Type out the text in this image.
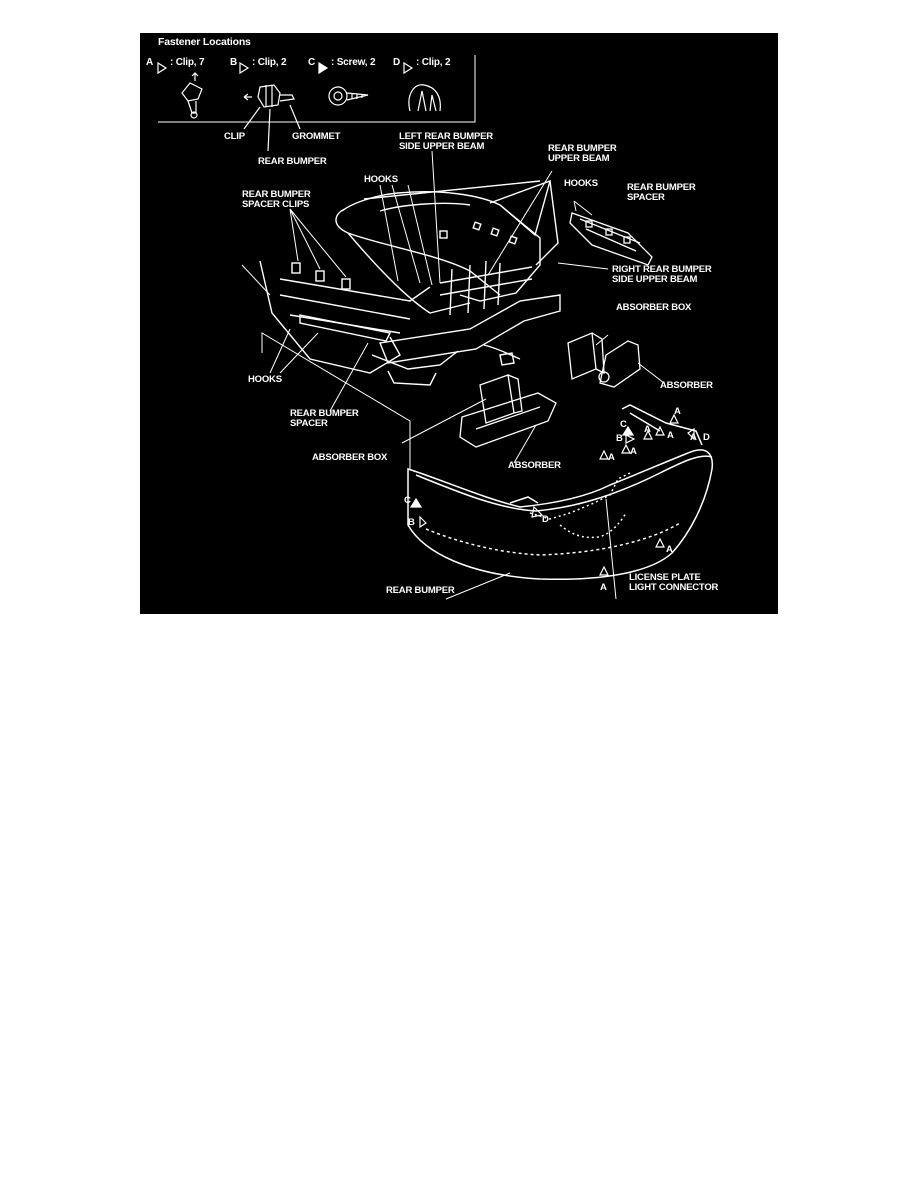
Fastener Locations
A : Clip, 7	B : Clip, 2 C : Screw, 2 D : Clip, 2
CLIP	GROMMET
REAR BUMPER
LEFT REAR BUMPER
SIDE UPPER BEAM	REAR BUMPER
UPPER BEAM
HOOKS	HOOKS	REAR BUMPER
SPACER
REAR BUMPER
SPACER CLIPS
RIGHT REAR BUMPER
SIDE UPPER BEAM
ABSORBER BOX
ABSORBER
HOOKS
REAR BUMPER
SPACER
ABSORBER BOX
ABSORBER
REAR BUMPER
LICENSE PLATE
LIGHT CONNECTOR
C
B	D
C
B
A
A A
A
D
A
A
A
A
